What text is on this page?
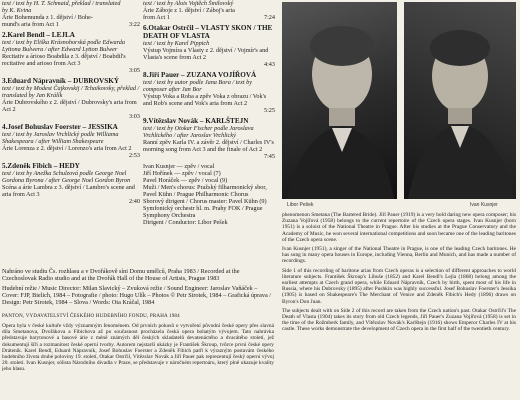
text / text by H. T. Schmaid, překlad / translated
by K. Kvina
Árie Bohemunda z 1. dějství / Bohe-
mund's aria from Act 1	3:22
2.Karel Bendl – LEJLA
text / text by Eliška Krásnohorská podle Edwarda Lyttona Bulwera / after Edward Lytton Bulwer
Recitativ a árioso Boabdila z 3. dějství / Boabdil's recitative and arioso from Act 3
3:05
3.Eduard Nápravník – DUBROVSKÝ
text / text by Modest Čajkovskij / Tchaikovsky, překlad / translated by Jan Králík
Árie Dubrovského z 2. dějství / Dubrovsky's aria from Act 2
3:03
4.Josef Bohuslav Foerster – JESSIKA
text / text by Jaroslav Vrchlický podle Williama Shakespeara / after William Shakespeare
Árie Lorenza z 2. dějství / Lorenzo's aria from Act 2
2:53
5.Zdeněk Fibich – HEDY
text / text by Anežka Schulzová podle George Noel Gordona Byrona / after George Noel Gordon Byron
Scéna a árie Lambra z 3. dějství / Lambro's scene and aria from Act 3
2:40
text / text by Alois Vojtěch Šmilovský
Árie Záboje z 1. dějství / Záboj's aria
from Act 1	7:24
6.Otakar Ostrčil – VLASTY SKON / THE DEATH OF VLASTA
text / text by Karel Pippich
Výstup Vojmíra a Vlasty z 2. dějství / Vojmír's and Vlasta's scene from Act 2
4:43
8.Jiří Pauer – ZUZANA VOJÍŘOVÁ
text / text by autor podle Jana Bora / text by composer after Jan Bor
Výstup Voka a Roba a zpěv Voka z obrazu / Vok's and Rob's scene and Vok's aria from Act 2
5:25
9.Vítězslav Novák – KARLŠTEJN
text / text by Otokar Fischer podle Jaroslava Vrchlického / after Jaroslav Vrchlický
Ranní zpěv Karla IV. a závěr 2. dějství / Charles IV's morning song from Act 3 and the finale of Act 2
7:45
Ivan Kusnjer — zpěv / vocal
Jiří Hořínek — zpěv / vocal (7)
Pavel Horáček — zpěv / vocal (9)
Muži / Men's chorus: Pražský filharmonický sbor, Pavel Kühn / Prague Philharmonic Chorus
Sborový dirigent / Chorus master: Pavel Kühn (9)
Symfonický orchestr hl. m. Prahy FOK / Prague Symphony Orchestra
Dirigent / Conductor: Libor Pešek
Libor Pešek	Ivan Kusnjer
Nahráno ve studiu Čs. rozhlasu a v Dvořákově síni Domu umělců, Praha 1983 / Recorded at the Czechoslovak Radio studio and at the Dvořák Hall of the House of Artists, Prague 1983
Hudební režie / Music Director: Milan Slavický – Zvuková režie / Sound Engineer: Jaroslav Vaňáček – Cover: FJP, Bielich, 1984 – Fotografie / photo: Hugo Ulík – Photos © Petr Sirotek, 1984 – Grafická úprava / Design: Petr Sirotek, 1984 – Slova / Words: Ota Kráčal, 1984
PANTON, VYDAVATELSTVÍ ČESKÉHO HUDEBNÍHO FONDU, PRAHA 1984
Opera byla v české kultuře vždy významným fenoménem. Od prvních pokusů o vytvoření původní české opery přes slavná díla Smetanova, Dvořákova a Fibichova až po současnost procházela česká opera bohatým vývojem. Tato nahrávka představuje barytonové a basové árie z méně známých děl českých skladatelů devatenáctého a dvacátého století, jež dokumentují šíři a rozmanitost české operní tvorby. Autorem nejstarší ukázky je František Škroup, tvůrce první české opery Dráteník. Karel Bendl, Eduard Nápravník, Josef Bohuslav Foerster a Zdeněk Fibich patří k výrazným postavám českého hudebního života druhé poloviny 19. století, Otakar Ostrčil, Vítězslav Novák a Jiří Pauer pak reprezentují český operní vývoj 20. století. Ivan Kusnjer, sólista Národního divadla v Praze, se představuje v náročném repertoáru, který plně ukazuje kvality jeho hlasu.
phenomenon Smetana (The Bartered Bride). Jiří Pauer (1919) is a very bold daring new opera composer; his Zuzana Vojířová (1958) belongs to the current repertoire of the Czech opera stages. Ivan Kusnjer (born 1951) is a soloist of the National Theatre in Prague. After his studies at the Prague Conservatory and the Academy of Music, he won several international competitions and soon became one of the leading baritones of the Czech opera scene.
Ivan Kusnjer (1951), a singer of the National Theatre in Prague, is one of the leading Czech baritones. He has sung in many opera houses in Europe, including Vienna, Berlin and Munich, and has made a number of recordings.
Side 1 of this recording of baritone arias from Czech operas is a selection of different approaches to world literature subjects. František Škroup's Libuše (1852) and Karel Bendl's Lejla (1868) belong among the earliest attempts at Czech grand opera, while Eduard Nápravník, Czech by birth, spent most of his life in Russia, where his Dubrovsky (1895) after Pushkin was highly successful. Josef Bohuslav Foerster's Jessika (1905) is based on Shakespeare's The Merchant of Venice and Zdeněk Fibich's Hedy (1896) draws on Byron's Don Juan.
The subjects dealt with on Side 2 of this record are taken from the Czech nation's past. Otakar Ostrčil's The Death of Vlasta (1904) takes its story from old Czech legends, Jiří Pauer's Zuzana Vojířová (1958) is set in the time of the Rožmberk family, and Vítězslav Novák's Karlštejn (1916) shows Emperor Charles IV at his castle. These works demonstrate the development of Czech opera in the first half of the twentieth century.
